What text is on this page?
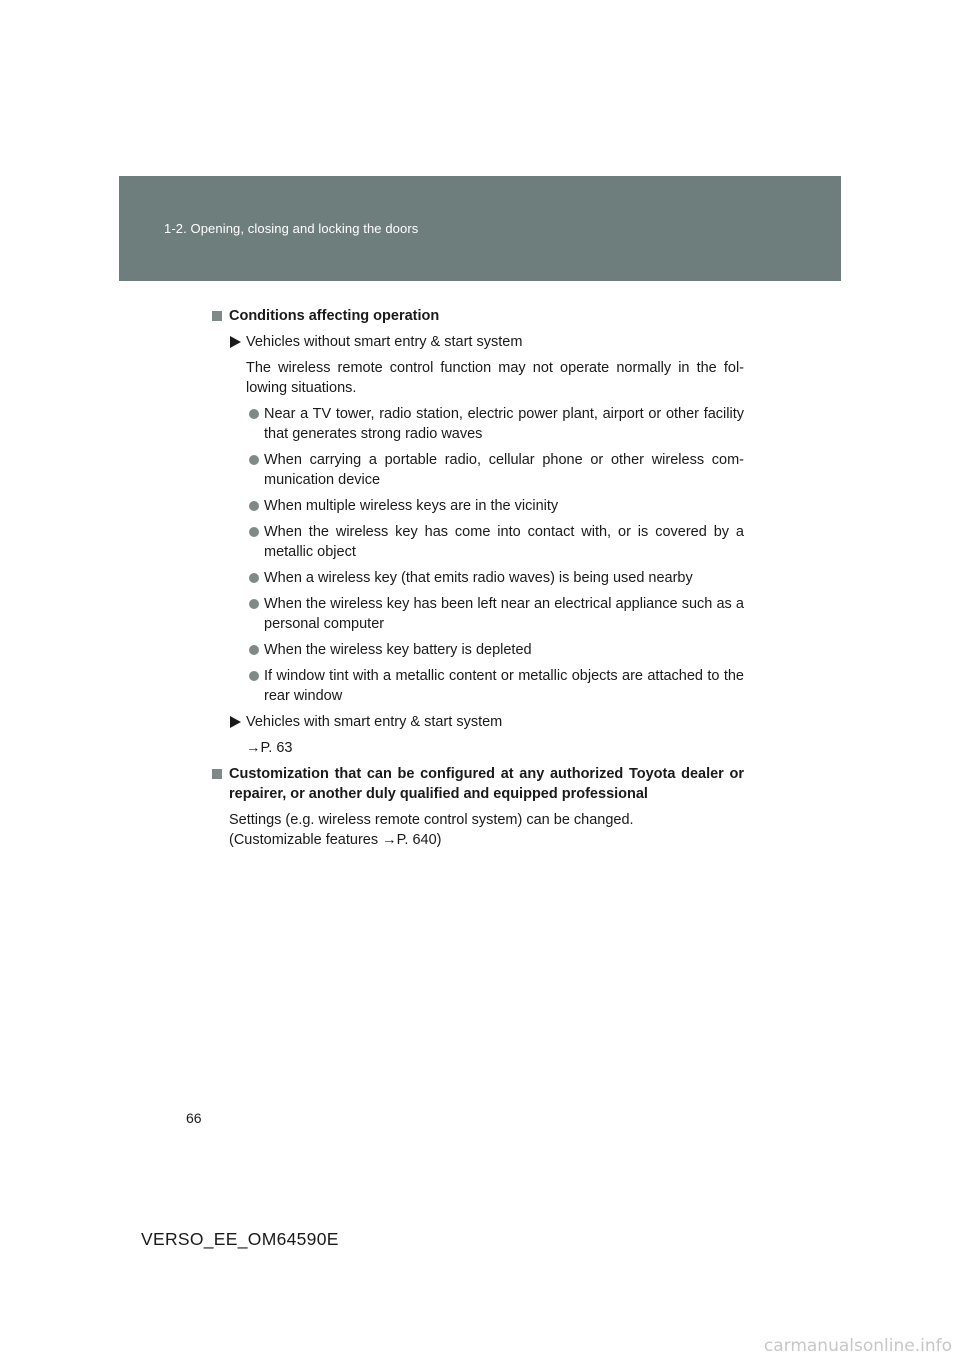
1-2. Opening, closing and locking the doors
Conditions affecting operation
Vehicles without smart entry & start system
The wireless remote control function may not operate normally in the fol- lowing situations.
Near a TV tower, radio station, electric power plant, airport or other facility that generates strong radio waves
When carrying a portable radio, cellular phone or other wireless com- munication device
When multiple wireless keys are in the vicinity
When the wireless key has come into contact with, or is covered by a metallic object
When a wireless key (that emits radio waves) is being used nearby
When the wireless key has been left near an electrical appliance such as a personal computer
When the wireless key battery is depleted
If window tint with a metallic content or metallic objects are attached to the rear window
Vehicles with smart entry & start system
→P. 63
Customization that can be configured at any authorized Toyota dealer or repairer, or another duly qualified and equipped professional
Settings (e.g. wireless remote control system) can be changed.
(Customizable features →P. 640)
66
VERSO_EE_OM64590E
carmanualsonline.info
